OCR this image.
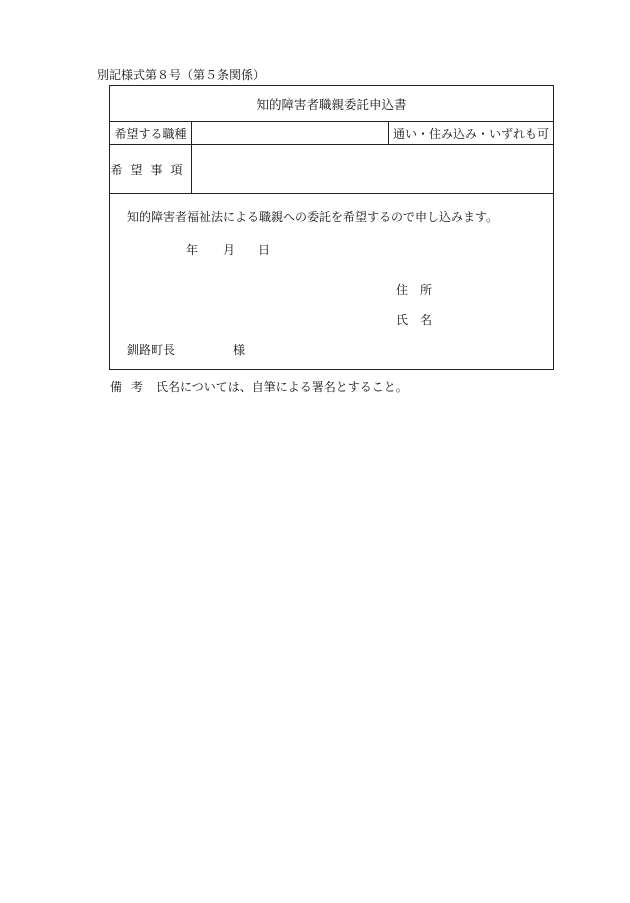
別記様式第８号（第５条関係）
知的障害者職親委託申込書
希望する職種	通い・住み込み・いずれも可
希望事項
知的障害者福祉法による職親への委託を希望するので申し込みます。
年 月 日
住　所
氏　名
釧路町長	様
備考 氏名については、自筆による署名とすること。
